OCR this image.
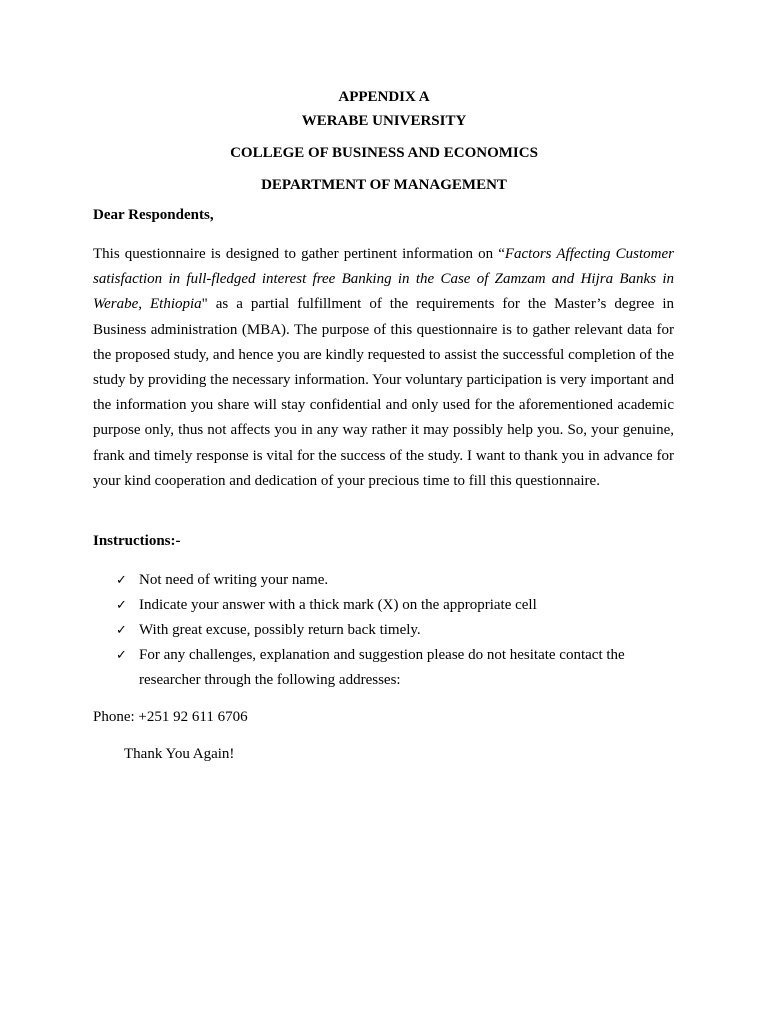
APPENDIX A
WERABE UNIVERSITY
COLLEGE OF BUSINESS AND ECONOMICS
DEPARTMENT OF MANAGEMENT
Dear Respondents,
This questionnaire is designed to gather pertinent information on “Factors Affecting Customer satisfaction in full-fledged interest free Banking in the Case of Zamzam and Hijra Banks in Werabe, Ethiopia" as a partial fulfillment of the requirements for the Master’s degree in Business administration (MBA). The purpose of this questionnaire is to gather relevant data for the proposed study, and hence you are kindly requested to assist the successful completion of the study by providing the necessary information. Your voluntary participation is very important and the information you share will stay confidential and only used for the aforementioned academic purpose only, thus not affects you in any way rather it may possibly help you. So, your genuine, frank and timely response is vital for the success of the study. I want to thank you in advance for your kind cooperation and dedication of your precious time to fill this questionnaire.
Instructions:-
✓ Not need of writing your name.
✓ Indicate your answer with a thick mark (X) on the appropriate cell
✓ With great excuse, possibly return back timely.
✓ For any challenges, explanation and suggestion please do not hesitate contact the researcher through the following addresses:
Phone: +251 92 611 6706
Thank You Again!
